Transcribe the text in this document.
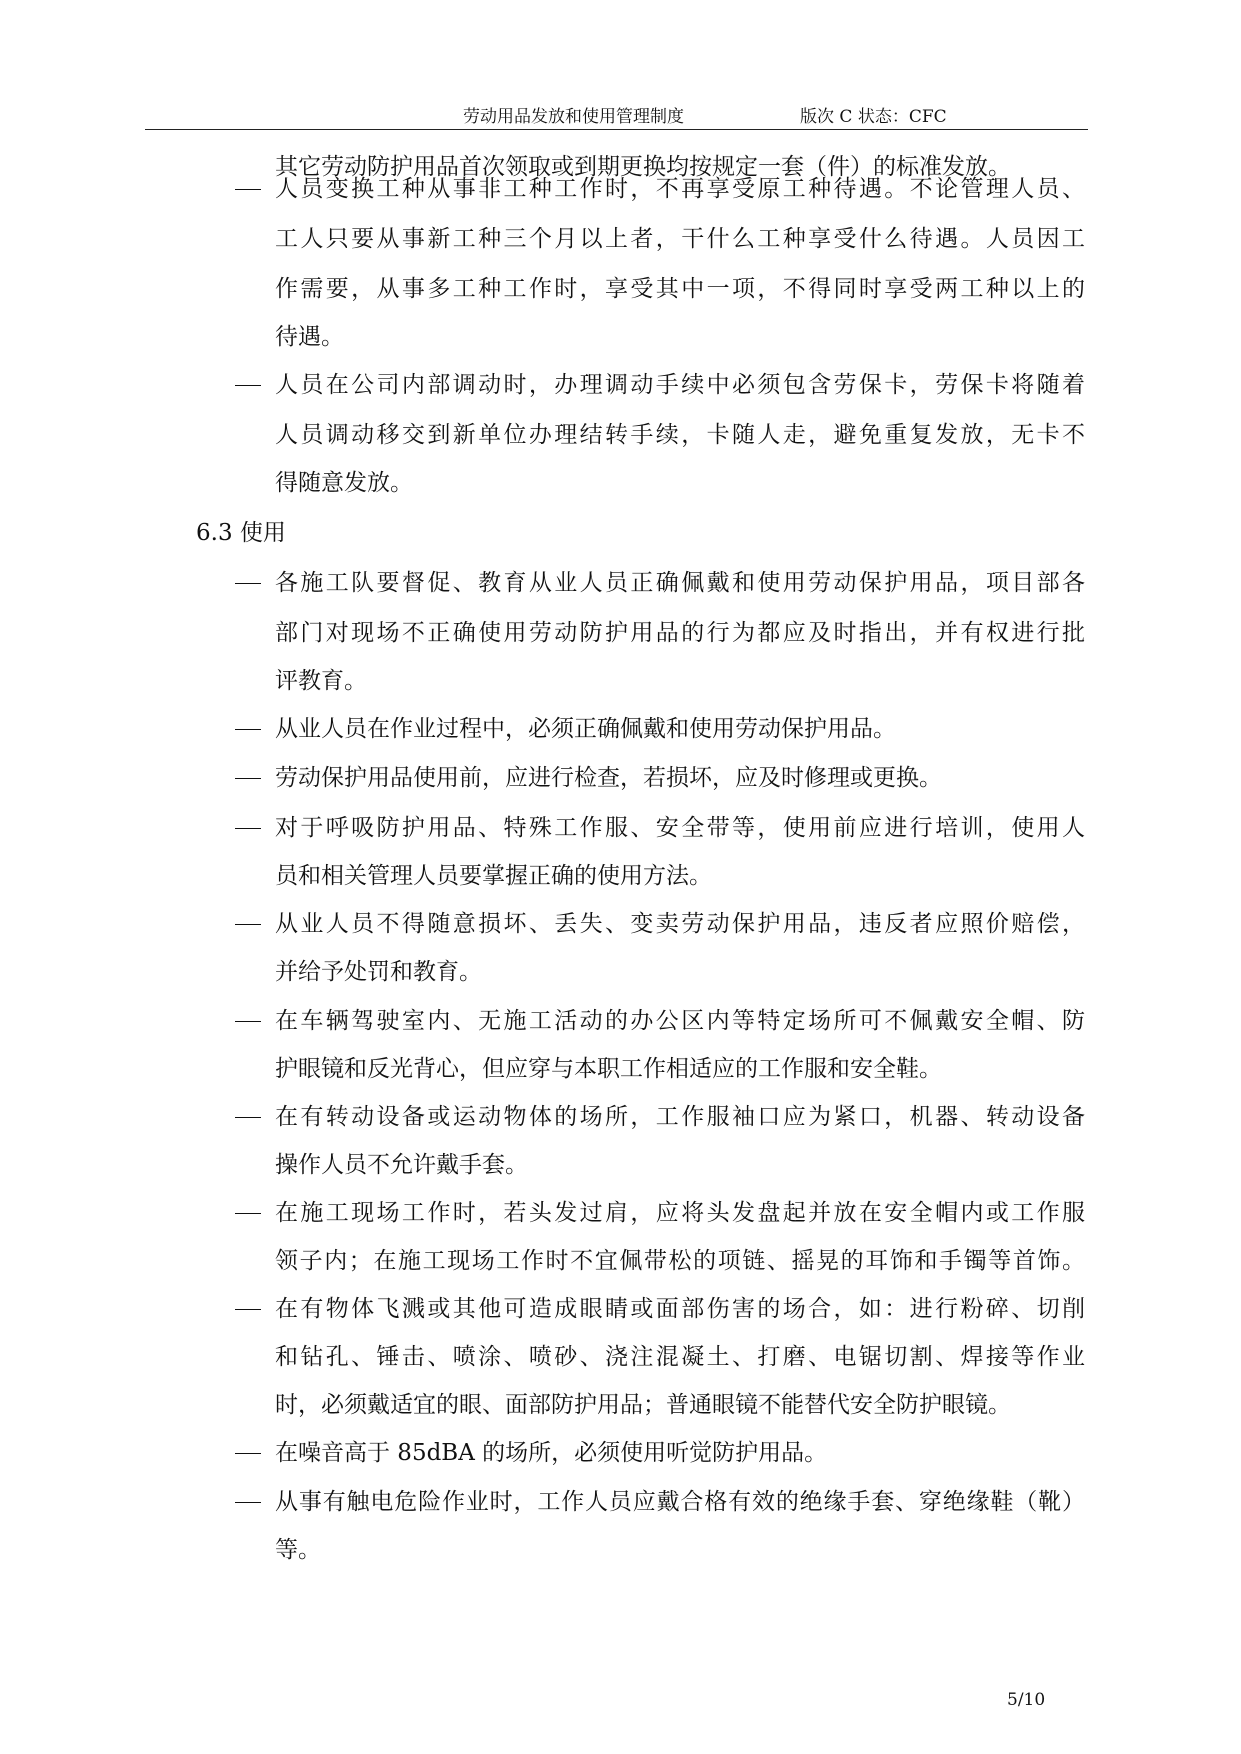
劳动用品发放和使用管理制度	版次 C 状态：CFC
其它劳动防护用品首次领取或到期更换均按规定一套（件）的标准发放。
人员变换工种从事非工种工作时，不再享受原工种待遇。不论管理人员、
工人只要从事新工种三个月以上者，干什么工种享受什么待遇。人员因工
作需要，从事多工种工作时，享受其中一项，不得同时享受两工种以上的
待遇。
人员在公司内部调动时，办理调动手续中必须包含劳保卡，劳保卡将随着
人员调动移交到新单位办理结转手续，卡随人走，避免重复发放，无卡不
得随意发放。
6.3 使用
各施工队要督促、教育从业人员正确佩戴和使用劳动保护用品，项目部各
部门对现场不正确使用劳动防护用品的行为都应及时指出，并有权进行批
评教育。
从业人员在作业过程中，必须正确佩戴和使用劳动保护用品。
劳动保护用品使用前，应进行检查，若损坏，应及时修理或更换。
对于呼吸防护用品、特殊工作服、安全带等，使用前应进行培训，使用人
员和相关管理人员要掌握正确的使用方法。
从业人员不得随意损坏、丢失、变卖劳动保护用品，违反者应照价赔偿，
并给予处罚和教育。
在车辆驾驶室内、无施工活动的办公区内等特定场所可不佩戴安全帽、防
护眼镜和反光背心，但应穿与本职工作相适应的工作服和安全鞋。
在有转动设备或运动物体的场所，工作服袖口应为紧口，机器、转动设备
操作人员不允许戴手套。
在施工现场工作时，若头发过肩，应将头发盘起并放在安全帽内或工作服
领子内；在施工现场工作时不宜佩带松的项链、摇晃的耳饰和手镯等首饰。
在有物体飞溅或其他可造成眼睛或面部伤害的场合，如：进行粉碎、切削
和钻孔、锤击、喷涂、喷砂、浇注混凝土、打磨、电锯切割、焊接等作业
时，必须戴适宜的眼、面部防护用品；普通眼镜不能替代安全防护眼镜。
在噪音高于 85dBA 的场所，必须使用听觉防护用品。
从事有触电危险作业时，工作人员应戴合格有效的绝缘手套、穿绝缘鞋（靴）
等。
5/10
